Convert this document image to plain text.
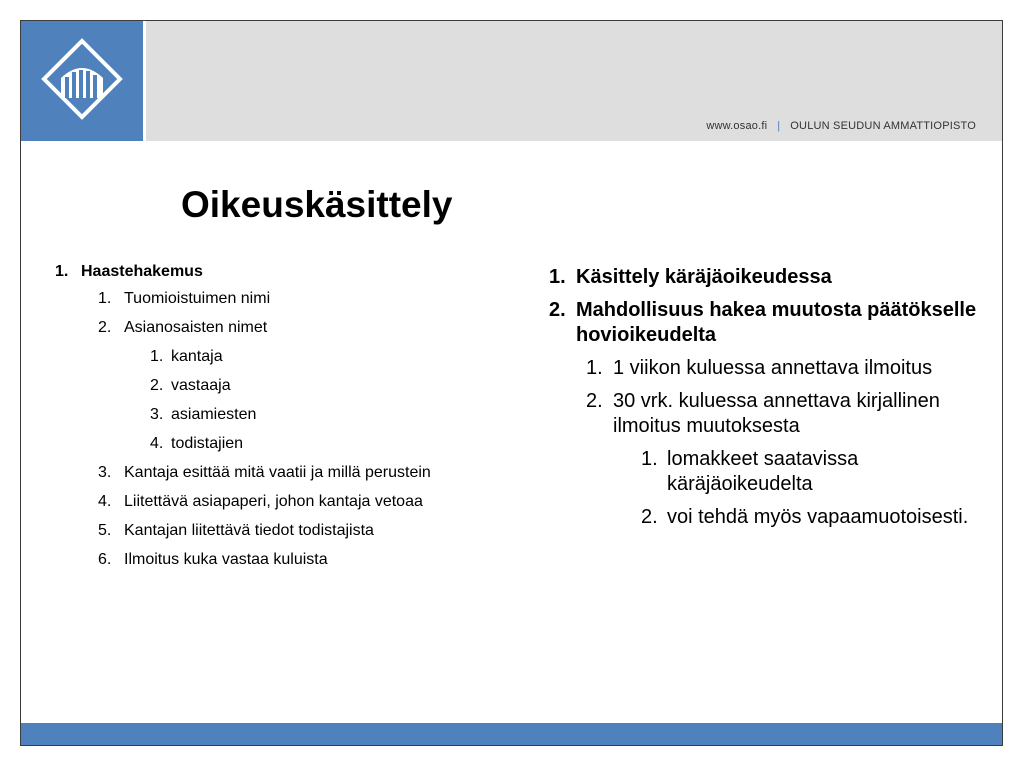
www.osao.fi | OULUN SEUDUN AMMATTIOPISTO
Oikeuskäsittely
1. Haastehakemus
1. Tuomioistuimen nimi
2. Asianosaisten nimet
1. kantaja
2. vastaaja
3. asiamiesten
4. todistajien
3. Kantaja esittää mitä vaatii ja millä perustein
4. Liitettävä asiapaperi, johon kantaja vetoaa
5. Kantajan liitettävä tiedot todistajista
6. Ilmoitus kuka vastaa kuluista
1. Käsittely käräjäoikeudessa
2. Mahdollisuus hakea muutosta päätökselle hovioikeudelta
1. 1 viikon kuluessa annettava ilmoitus
2. 30 vrk. kuluessa annettava kirjallinen ilmoitus muutoksesta
1. lomakkeet saatavissa käräjäoikeudelta
2. voi tehdä myös vapaamuotoisesti.
